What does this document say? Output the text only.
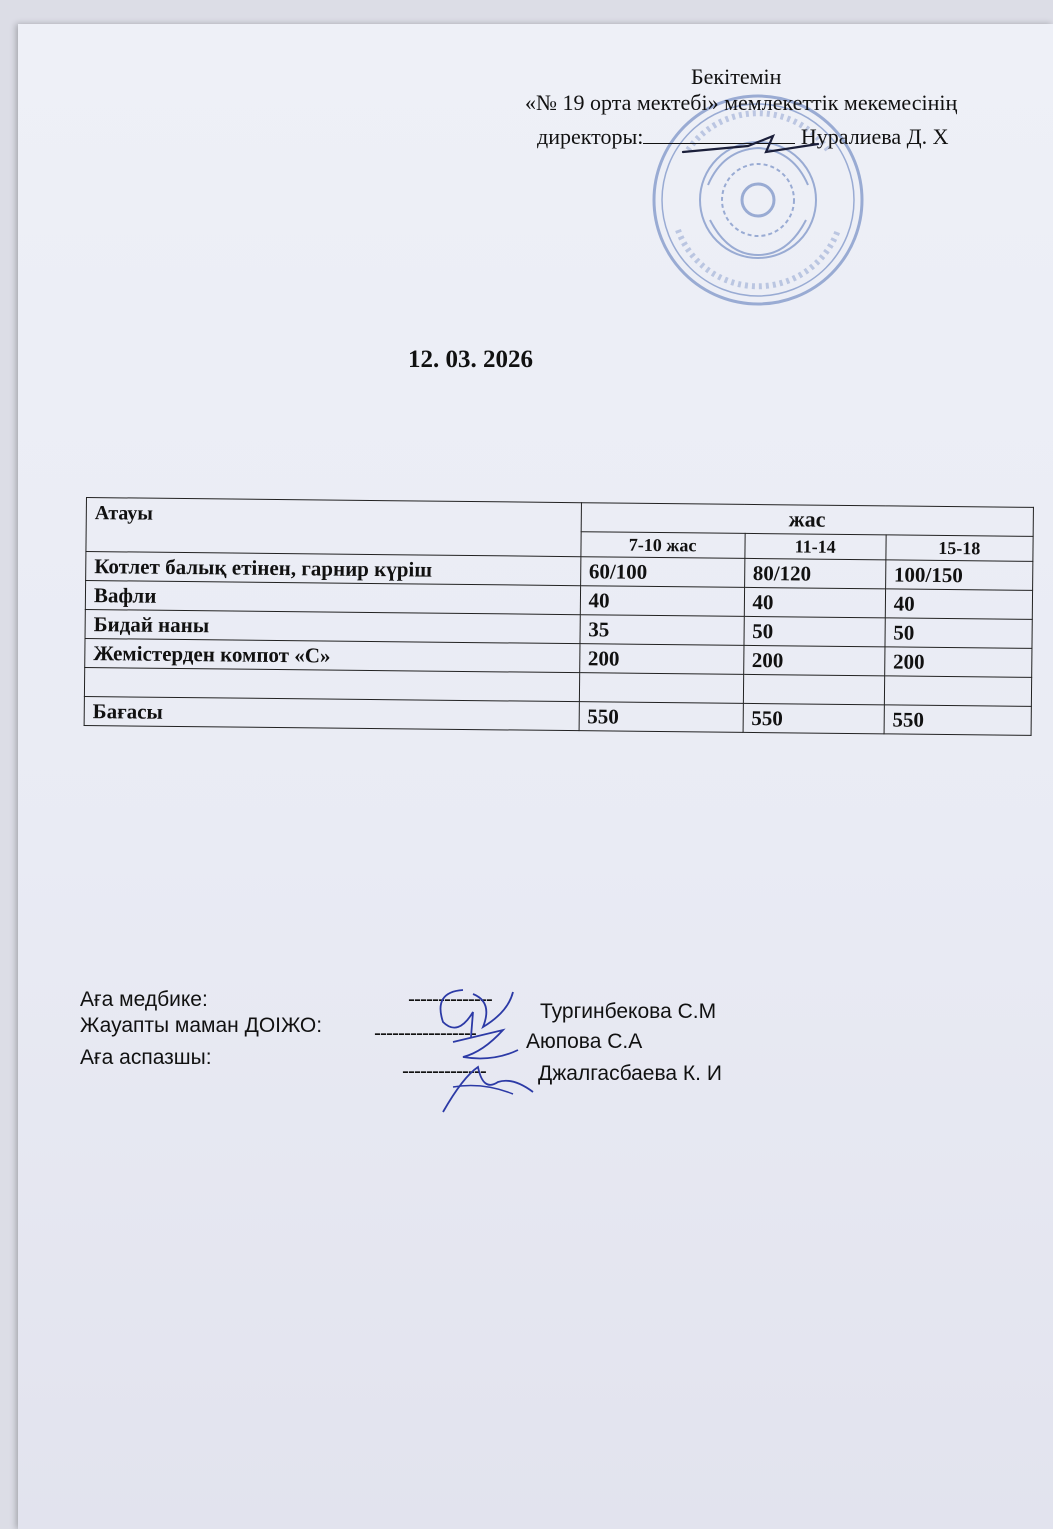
Бекітемін
«№ 19 орта мектебі» мемлекеттік мекемесінің
директоры:	Нуралиева Д. Х
12. 03. 2026
Атауы	жас		
	7-10 жас	11-14	15-18
Котлет балық етінен, гарнир күріш	60/100	80/120	100/150
Вафли	40	40	40
Бидай наны	35	50	50
Жемістерден компот «С»	200	200	200

Бағасы	550	550	550
Аға медбике:	--------------
Тургинбекова С.М
Жауапты маман ДОІЖО: ----------------- Аюпова С.А
Аға аспазшы:
-------------- Джалгасбаева К. И
